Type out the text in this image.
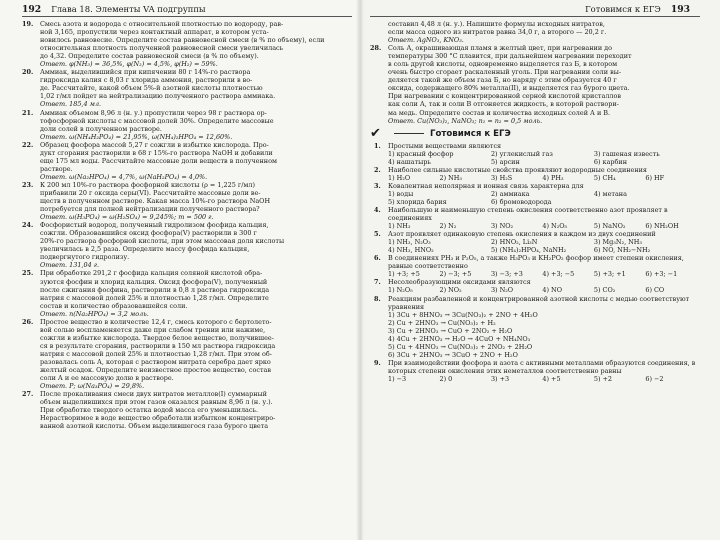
192 Глава 18. Элементы VA подгруппы
19. Смесь азота и водорода с относительной плотностью по водороду, рав-

ной 3,165, пропустили через контактный аппарат, в котором уста-

новилось равновесие. Определите состав равновесной смеси (в % по объему), если относительная плотность полученной равновесной смеси увеличилась

до 4,32. Определите состав равновесной смеси (в % по объему).

Ответ. φ(NH₃) = 36,5%, φ(N₂) = 4,5%, φ(H₂) = 59%.

20. Аммиак, выделившийся при кипячении 80 г 14%-го раствора

гидроксида калия с 8,03 г хлорида аммония, растворили в во-

де. Рассчитайте, какой объем 5%-й азотной кислоты плотностью

1,02 г/мл пойдет на нейтрализацию полученного раствора аммиака.

Ответ. 185,4 мл.

21. Аммиак объемом 8,96 л (н. у.) пропустили через 98 г раствора ор-

тофосфорной кислоты с массовой долей 30%. Определите массовые

доли солей в полученном растворе.

Ответ. ω(NH₄H₂PO₄) = 21,95%, ω(NH₄)₂HPO₄ = 12,60%.

22. Образец фосфора массой 5,27 г сожгли в избытке кислорода. Про-

дукт сгорания растворили в 68 г 15%-го раствора NaOH и добавили

еще 175 мл воды. Рассчитайте массовые доли веществ в полученном

растворе.

Ответ. ω(Na₂HPO₄) = 4,7%, ω(NaH₂PO₄) = 4,0%.

23. К 200 мл 10%-го раствора фосфорной кислоты (ρ = 1,225 г/мл)

прибавили 20 г оксида серы(VI). Рассчитайте массовые доли ве-

ществ в полученном растворе. Какая масса 10%-го раствора NaOH

потребуется для полной нейтрализации полученного раствора?

Ответ. ω(H₃PO₄) = ω(H₂SO₄) = 9,245%; m = 500 г.

24. Фосфористый водород, полученный гидролизом фосфида кальция,

сожгли. Образовавшийся оксид фосфора(V) растворили в 300 г

20%-го раствора фосфорной кислоты, при этом массовая доля кислоты

увеличилась в 2,5 раза. Определите массу фосфида кальция,

подвергнутого гидролизу.

Ответ. 131,04 г.

25. При обработке 291,2 г фосфида кальция соляной кислотой обра-

зуются фосфин и хлорид кальция. Оксид фосфора(V), полученный

после сжигания фосфина, растворили в 0,8 л раствора гидроксида

натрия с массовой долей 25% и плотностью 1,28 г/мл. Определите

состав и количество образовавшейся соли.

Ответ. n(Na₂HPO₄) = 3,2 моль.

26. Простое вещество в количестве 12,4 г, смесь которого с бертолето-

вой солью воспламеняется даже при слабом трении или нажиме,

сожгли в избытке кислорода. Твердое белое вещество, получившее-

ся в результате сгорания, растворили в 150 мл раствора гидроксида

натрия с массовой долей 25% и плотностью 1,28 г/мл. При этом об-

разовалась соль А, которая с раствором нитрата серебра дает ярко

желтый осадок. Определите неизвестное простое вещество, состав

соли А и ее массовую долю в растворе.

Ответ. Р; ω(Na₃PO₄) = 29,8%.

27. После прокаливания смеси двух нитратов металлов(I) суммарный

объем выделившихся при этом газов оказался равным 8,96 л (н. у.).

При обработке твердого остатка водой масса его уменьшилась.

Нерастворимое в воде вещество обработали избытком концентриро-

ванной азотной кислоты. Объем выделившегося газа бурого цвета

Готовимся к ЕГЭ 193

составил 4,48 л (н. у.). Напишите формулы исходных нитратов,

если масса одного из нитратов равна 34,0 г, а второго — 20,2 г.

Ответ. AgNO₃, KNO₃.

28. Соль А, окрашивающая пламя в желтый цвет, при нагревании до

температуры 300 °С плавится, при дальнейшем нагревании переходит

в соль другой кислоты, одновременно выделяется газ Б, в котором

очень быстро сгорает раскаленный уголь. При нагревании соли вы-

деляется такой же объем газа Б, но наряду с этим образуется 40 г

оксида, содержащего 80% металла(II), и выделяется газ бурого цвета.

При нагревании с концентрированной серной кислотой кристаллов

как соли А, так и соли В отгоняется жидкость, в которой раствори-

ма медь. Определите состав и количества исходных солей А и В.

Ответ. Cu(NO₃)₂, NaNO₃; n₁ = n₂ = 0,5 моль.

✔	Готовимся к ЕГЭ
1. Простыми веществами являются

1) красный фосфор	2) углекислый газ	3) гашеная известь
4) нашатырь	5) арсин	6) карбин
2. Наиболее сильные кислотные свойства проявляют водородные соединения

1) H₂O	2) NH₃	3) H₂S	4) PH₃	5) CH₄	6) HF
3. Ковалентная неполярная и ионная связь характерна для

1) воды	2) аммиака	4) метана
5) хлорида бария	6) бромоводорода
4. Наибольшую и наименьшую степень окисления соответственно азот проявляет в соединениях

1) NH₃	2) N₂	3) NO₂	4) N₂O₅	5) NaNO₂	6) NH₂OH
5. Азот проявляет одинаковую степень окисления в каждом из двух соединений

1) NH₃, N₂O₃	2) HNO₂, Li₃N	3) Mg₃N₂, NH₃
4) NH₃, HNO₂	5) (NH₄)₂HPO₄, NaNH₂	6) NO, NH₂−NH₂
6. В соединениях PH₃ и P₂O₅, а также H₃PO₃ и KH₂PO₂ фосфор имеет степени окисления, равные соответственно

1) +3; +5	2) −3; +5	3) −3; +3	4) +3; −5	5) +3; +1	6) +3; −1
7. Несолеобразующими оксидами являются

1) N₂O₅	2) NO₂	3) N₂O	4) NO	5) CO₂	6) CO
8. Реакциям разбавленной и концентрированной азотной кислоты с медью соответствуют уравнения

1) 3Cu + 8HNO₃ → 3Cu(NO₃)₂ + 2NO + 4H₂O
2) Cu + 2HNO₃ → Cu(NO₃)₂ + H₂
3) Cu + 2HNO₃ → CuO + 2NO₂ + H₂O
4) 4Cu + 2HNO₃ → H₂O → 4CuO + NH₄NO₃
5) Cu + 4HNO₃ → Cu(NO₃)₂ + 2NO₂ + 2H₂O
6) 3Cu + 2HNO₃ → 3CuO + 2NO + H₂O
9. При взаимодействии фосфора и азота с активными металлами образуются соединения, в которых степени окисления этих неметаллов соответственно равны

1) −3	2) 0	3) +3	4) +5	5) +2	6) −2
